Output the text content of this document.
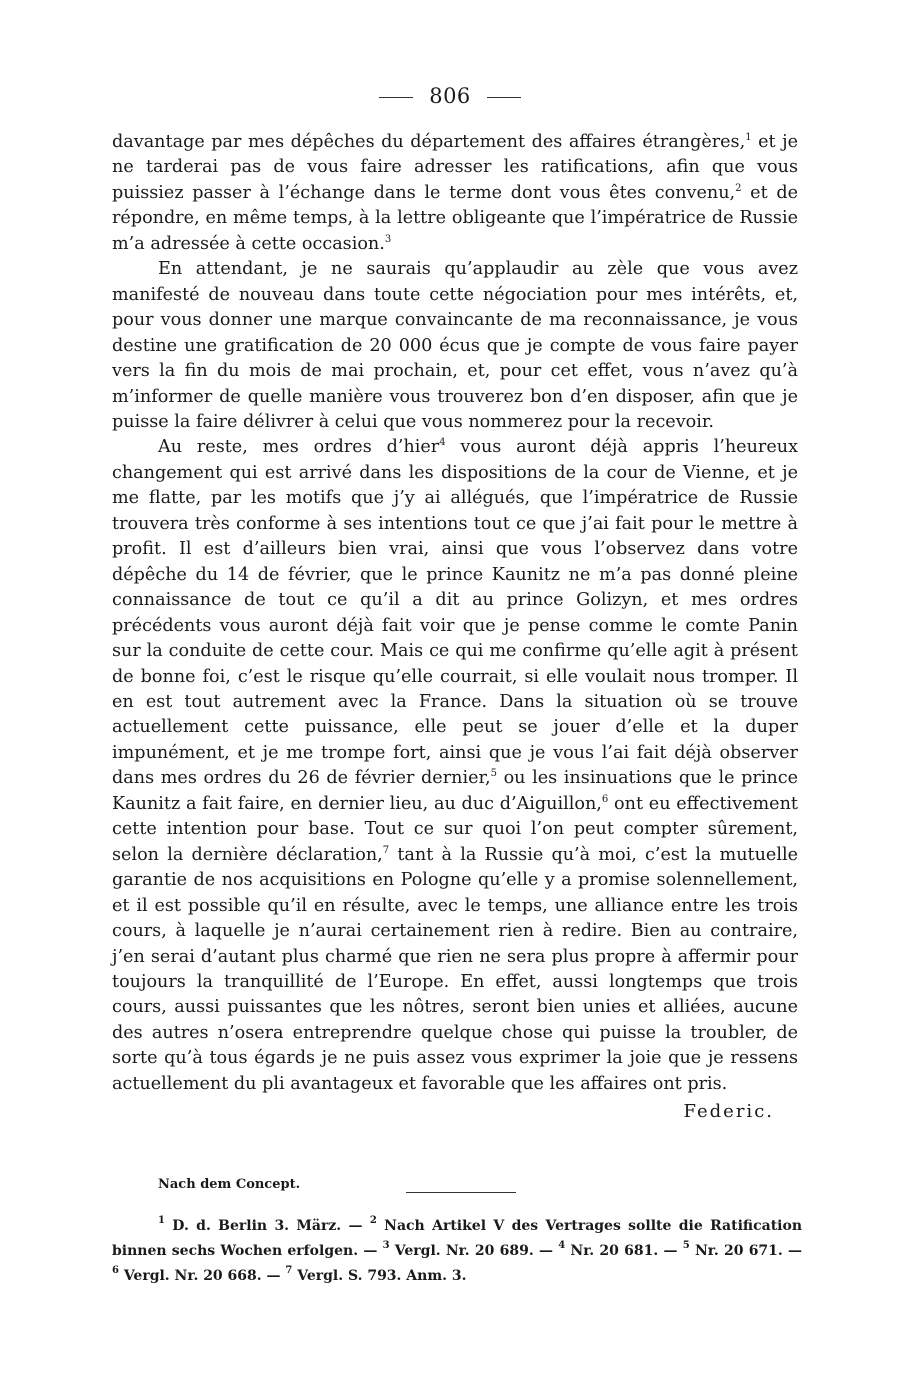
806

davantage par mes dépêches du département des affaires étrangères,$^1$ et je ne tarderai pas de vous faire adresser les ratifications, afin que vous puissiez passer à l’échange dans le terme dont vous êtes convenu,$^2$ et de répondre, en même temps, à la lettre obligeante que l’impératrice de Russie m’a adressée à cette occasion.$^3$

En attendant, je ne saurais qu’applaudir au zèle que vous avez manifesté de nouveau dans toute cette négociation pour mes intérêts, et, pour vous donner une marque convaincante de ma reconnaissance, je vous destine une gratification de 20 000 écus que je compte de vous faire payer vers la fin du mois de mai prochain, et, pour cet effet, vous n’avez qu’à m’informer de quelle manière vous trouverez bon d’en disposer, afin que je puisse la faire délivrer à celui que vous nommerez pour la recevoir.

Au reste, mes ordres d’hier$^4$ vous auront déjà appris l’heureux changement qui est arrivé dans les dispositions de la cour de Vienne, et je me flatte, par les motifs que j’y ai allégués, que l’impératrice de Russie trouvera très conforme à ses intentions tout ce que j’ai fait pour le mettre à profit. Il est d’ailleurs bien vrai, ainsi que vous l’observez dans votre dépêche du 14 de février, que le prince Kaunitz ne m’a pas donné pleine connaissance de tout ce qu’il a dit au prince Golizyn, et mes ordres précédents vous auront déjà fait voir que je pense comme le comte Panin sur la conduite de cette cour. Mais ce qui me confirme qu’elle agit à présent de bonne foi, c’est le risque qu’elle courrait, si elle voulait nous tromper. Il en est tout autrement avec la France. Dans la situation où se trouve actuellement cette puissance, elle peut se jouer d’elle et la duper impunément, et je me trompe fort, ainsi que je vous l’ai fait déjà observer dans mes ordres du 26 de février dernier,$^5$ ou les insinuations que le prince Kaunitz a fait faire, en dernier lieu, au duc d’Aiguillon,$^6$ ont eu effectivement cette intention pour base. Tout ce sur quoi l’on peut compter sûrement, selon la dernière déclaration,$^7$ tant à la Russie qu’à moi, c’est la mutuelle garantie de nos acquisitions en Pologne qu’elle y a promise solennellement, et il est possible qu’il en résulte, avec le temps, une alliance entre les trois cours, à laquelle je n’aurai certainement rien à redire. Bien au contraire, j’en serai d’autant plus charmé que rien ne sera plus propre à affermir pour toujours la tranquillité de l’Europe. En effet, aussi longtemps que trois cours, aussi puissantes que les nôtres, seront bien unies et alliées, aucune des autres n’osera entreprendre quelque chose qui puisse la troubler, de sorte qu’à tous égards je ne puis assez vous exprimer la joie que je ressens actuellement du pli avantageux et favorable que les affaires ont pris.

Federic.
Nach dem Concept.

$^1$ D. d. Berlin 3. März. — $^2$ Nach Artikel V des Vertrages sollte die Ratification binnen sechs Wochen erfolgen. — $^3$ Vergl. Nr. 20 689. — $^4$ Nr. 20 681. — $^5$ Nr. 20 671. — $^6$ Vergl. Nr. 20 668. — $^7$ Vergl. S. 793. Anm. 3.
